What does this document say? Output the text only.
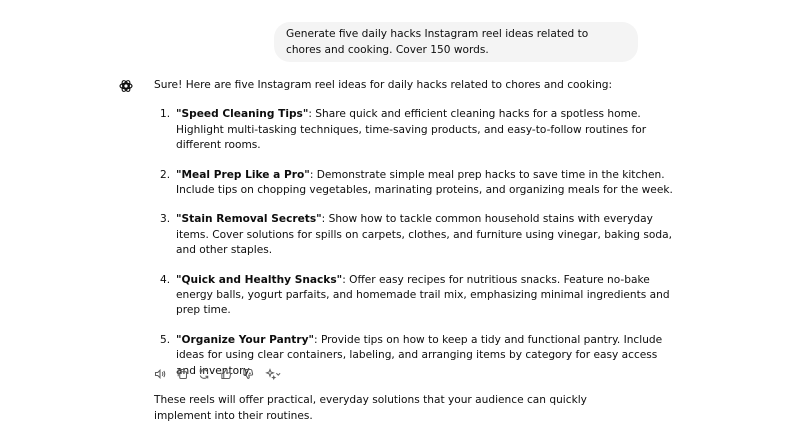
Generate five daily hacks Instagram reel ideas related to chores and cooking. Cover 150 words.

Sure! Here are five Instagram reel ideas for daily hacks related to chores and cooking:

1. "Speed Cleaning Tips": Share quick and efficient cleaning hacks for a spotless home. Highlight multi-tasking techniques, time-saving products, and easy-to-follow routines for different rooms.
2. "Meal Prep Like a Pro": Demonstrate simple meal prep hacks to save time in the kitchen. Include tips on chopping vegetables, marinating proteins, and organizing meals for the week.
3. "Stain Removal Secrets": Show how to tackle common household stains with everyday items. Cover solutions for spills on carpets, clothes, and furniture using vinegar, baking soda, and other staples.
4. "Quick and Healthy Snacks": Offer easy recipes for nutritious snacks. Feature no-bake energy balls, yogurt parfaits, and homemade trail mix, emphasizing minimal ingredients and prep time.
5. "Organize Your Pantry": Provide tips on how to keep a tidy and functional pantry. Include ideas for using clear containers, labeling, and arranging items by category for easy access and inventory.

These reels will offer practical, everyday solutions that your audience can quickly implement into their routines.
